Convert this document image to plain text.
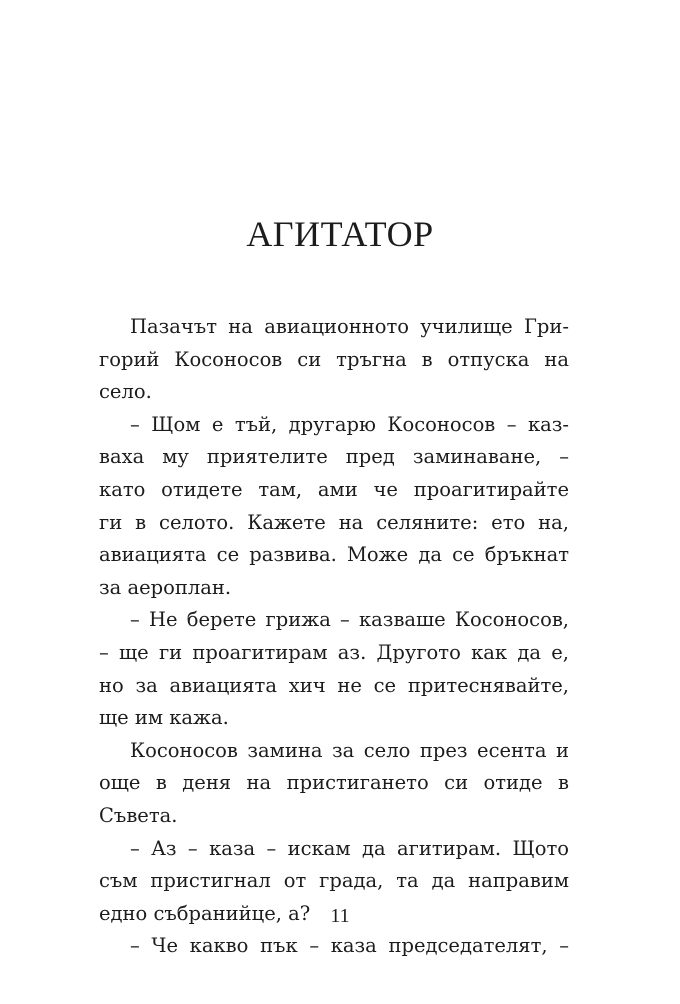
АГИТАТОР
Пазачът на авиационното училище Гри-
горий Косоносов си тръгна в отпуска на
село.
– Щом е тъй, другарю Косоносов – каз-
ваха му приятелите пред заминаване, –
като отидете там, ами че проагитирайте
ги в селото. Кажете на селяните: ето на,
авиацията се развива. Може да се бръкнат
за аероплан.
– Не берете грижа – казваше Косоносов,
– ще ги проагитирам аз. Другото как да е,
но за авиацията хич не се притеснявайте,
ще им кажа.
Косоносов замина за село през есента и
още в деня на пристигането си отиде в
Съвета.
– Аз – каза – искам да агитирам. Щото
съм пристигнал от града, та да направим
едно събранийце, а?
– Че какво пък – каза председателят, –
11
